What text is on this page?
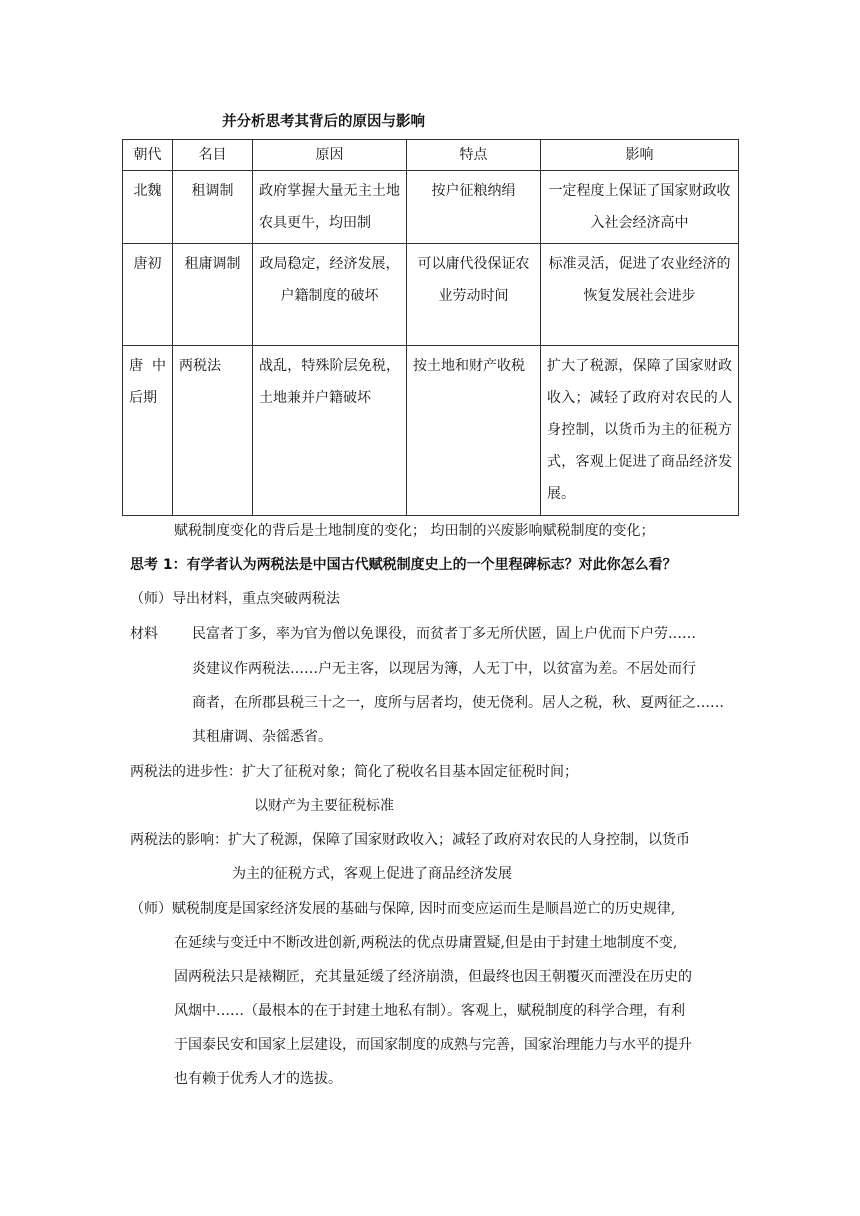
并分析思考其背后的原因与影响
朝代	名目	原因	特点	影响
北魏	租调制	政府掌握大量无主土地农具更牛，均田制	按户征粮纳绢	一定程度上保证了国家财政收入社会经济高中
唐初	租庸调制	政局稳定，经济发展，户籍制度的破坏	可以庸代役保证农业劳动时间	标准灵活，促进了农业经济的恢复发展社会进步
唐中后期	两税法	战乱，特殊阶层免税，土地兼并户籍破坏	按土地和财产收税	扩大了税源，保障了国家财政收入；减轻了政府对农民的人身控制，以货币为主的征税方式，客观上促进了商品经济发展。
赋税制度变化的背后是土地制度的变化； 均田制的兴废影响赋税制度的变化；
思考 1：有学者认为两税法是中国古代赋税制度史上的一个里程碑标志？对此你怎么看？
（师）导出材料，重点突破两税法
材料 民富者丁多，率为官为僧以免课役，而贫者丁多无所伏匿，固上户优而下户劳……
炎建议作两税法……户无主客，以现居为簿，人无丁中，以贫富为差。不居处而行
商者，在所郡县税三十之一，度所与居者均，使无侥利。居人之税，秋、夏两征之……
其租庸调、杂徭悉省。
两税法的进步性：扩大了征税对象；简化了税收名目基本固定征税时间；
以财产为主要征税标准
两税法的影响：扩大了税源，保障了国家财政收入；减轻了政府对农民的人身控制，以货币
为主的征税方式，客观上促进了商品经济发展
（师）赋税制度是国家经济发展的基础与保障, 因时而变应运而生是顺昌逆亡的历史规律,
在延续与变迁中不断改进创新,两税法的优点毋庸置疑,但是由于封建土地制度不变,
固两税法只是裱糊匠，充其量延缓了经济崩溃，但最终也因王朝覆灭而湮没在历史的
风烟中……（最根本的在于封建土地私有制）。客观上，赋税制度的科学合理，有利
于国泰民安和国家上层建设，而国家制度的成熟与完善，国家治理能力与水平的提升
也有赖于优秀人才的选拔。
